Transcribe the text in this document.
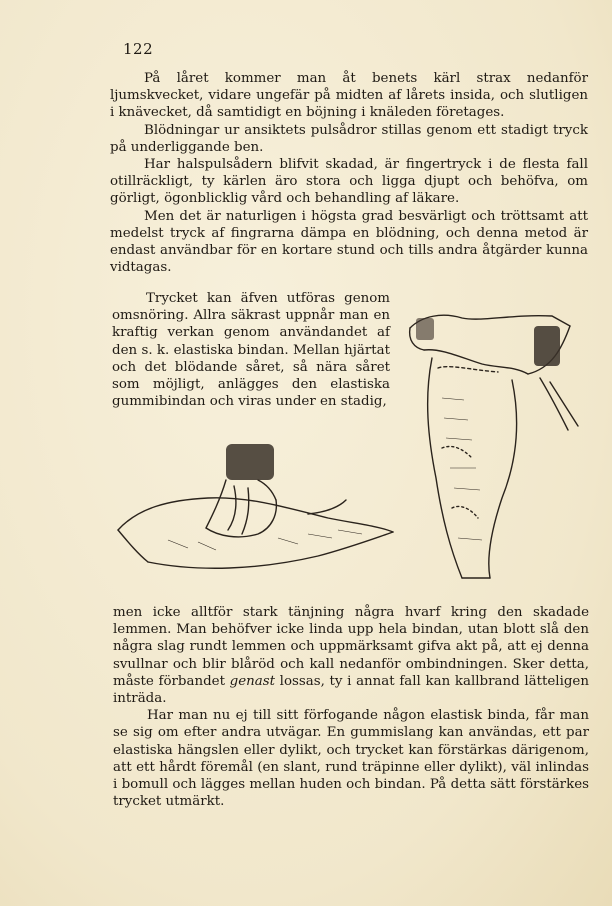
122

På låret kommer man åt benets kärl strax nedanför ljumskvecket, vidare ungefär på midten af lårets insida, och slutligen i knävecket, då samtidigt en böjning i knäleden företages.

Blödningar ur ansiktets pulsådror stillas genom ett stadigt tryck på underliggande ben.

Har halspulsådern blifvit skadad, är fingertryck i de flesta fall otillräckligt, ty kärlen äro stora och ligga djupt och behöfva, om görligt, ögonblicklig vård och behandling af läkare.

Men det är naturligen i högsta grad besvärligt och tröttsamt att medelst tryck af fingrarna dämpa en blödning, och denna metod är endast användbar för en kortare stund och tills andra åtgärder kunna vidtagas.

Trycket kan äfven utföras genom omsnöring. Allra säkrast uppnår man en kraftig verkan genom användandet af den s. k. elastiska bindan. Mellan hjärtat och det blödande såret, så nära såret som möjligt, anlägges den elastiska gummibindan och viras under en stadig,

men icke alltför stark tänjning några hvarf kring den skadade lemmen. Man behöfver icke linda upp hela bindan, utan blott slå den några slag rundt lemmen och uppmärksamt gifva akt på, att ej denna svullnar och blir blåröd och kall nedanför ombindningen. Sker detta, måste förbandet genast lossas, ty i annat fall kan kallbrand lätteligen inträda.

Har man nu ej till sitt förfogande någon elastisk binda, får man se sig om efter andra utvägar. En gummislang kan användas, ett par elastiska hängslen eller dylikt, och trycket kan förstärkas därigenom, att ett hårdt föremål (en slant, rund träpinne eller dylikt), väl inlindas i bomull och lägges mellan huden och bindan. På detta sätt förstärkes trycket utmärkt.
